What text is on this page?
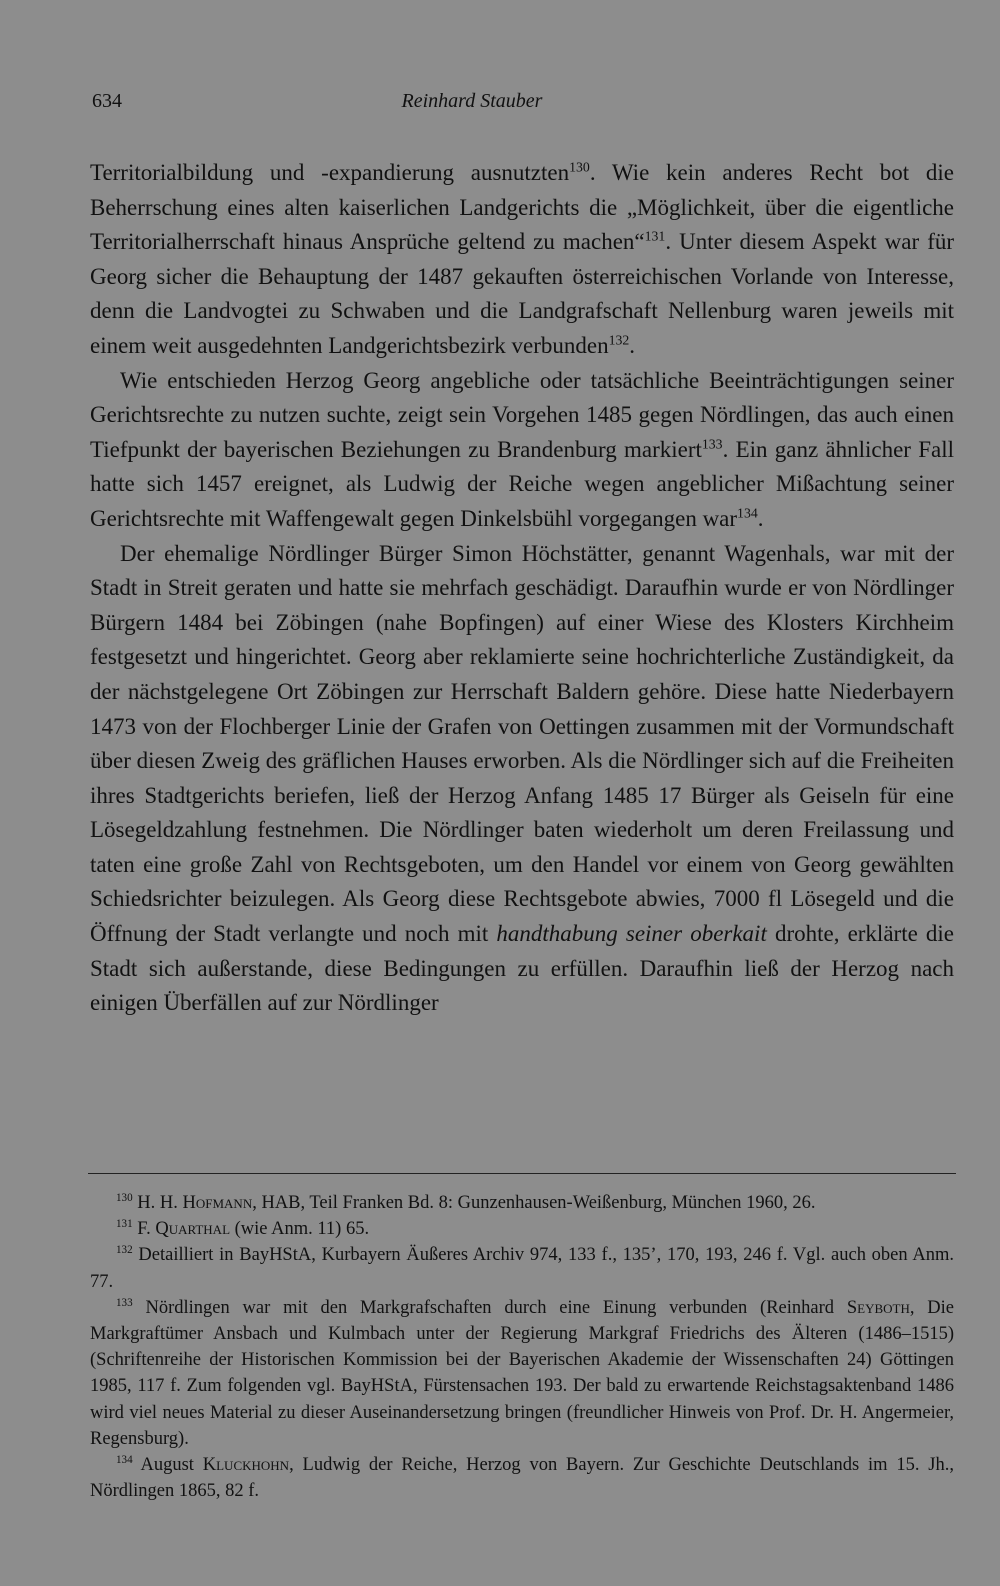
634	Reinhard Stauber

Territorialbildung und -expandierung ausnutzten$^{130}$. Wie kein anderes Recht bot die Beherrschung eines alten kaiserlichen Landgerichts die „Möglichkeit, über die eigentliche Territorialherrschaft hinaus Ansprüche geltend zu machen“$^{131}$. Unter diesem Aspekt war für Georg sicher die Behauptung der 1487 gekauften österreichischen Vorlande von Interesse, denn die Landvogtei zu Schwaben und die Landgrafschaft Nellenburg waren jeweils mit einem weit ausgedehnten Landgerichtsbezirk verbunden$^{132}$.

Wie entschieden Herzog Georg angebliche oder tatsächliche Beeinträchtigungen seiner Gerichtsrechte zu nutzen suchte, zeigt sein Vorgehen 1485 gegen Nördlingen, das auch einen Tiefpunkt der bayerischen Beziehungen zu Brandenburg markiert$^{133}$. Ein ganz ähnlicher Fall hatte sich 1457 ereignet, als Ludwig der Reiche wegen angeblicher Mißachtung seiner Gerichtsrechte mit Waffengewalt gegen Dinkelsbühl vorgegangen war$^{134}$.

Der ehemalige Nördlinger Bürger Simon Höchstätter, genannt Wagenhals, war mit der Stadt in Streit geraten und hatte sie mehrfach geschädigt. Daraufhin wurde er von Nördlinger Bürgern 1484 bei Zöbingen (nahe Bopfingen) auf einer Wiese des Klosters Kirchheim festgesetzt und hingerichtet. Georg aber reklamierte seine hochrichterliche Zuständigkeit, da der nächstgelegene Ort Zöbingen zur Herrschaft Baldern gehöre. Diese hatte Niederbayern 1473 von der Flochberger Linie der Grafen von Oettingen zusammen mit der Vormundschaft über diesen Zweig des gräflichen Hauses erworben. Als die Nördlinger sich auf die Freiheiten ihres Stadtgerichts beriefen, ließ der Herzog Anfang 1485 17 Bürger als Geiseln für eine Lösegeldzahlung festnehmen. Die Nördlinger baten wiederholt um deren Freilassung und taten eine große Zahl von Rechtsgeboten, um den Handel vor einem von Georg gewählten Schiedsrichter beizulegen. Als Georg diese Rechtsgebote abwies, 7000 fl Lösegeld und die Öffnung der Stadt verlangte und noch mit handthabung seiner oberkait drohte, erklärte die Stadt sich außerstande, diese Bedingungen zu erfüllen. Daraufhin ließ der Herzog nach einigen Überfällen auf zur Nördlinger

$^{130}$ H. H. Hofmann, HAB, Teil Franken Bd. 8: Gunzenhausen-Weißenburg, München 1960, 26.

$^{131}$ F. Quarthal (wie Anm. 11) 65.

$^{132}$ Detailliert in BayHStA, Kurbayern Äußeres Archiv 974, 133 f., 135’, 170, 193, 246 f. Vgl. auch oben Anm. 77.

$^{133}$ Nördlingen war mit den Markgrafschaften durch eine Einung verbunden (Reinhard Seyboth, Die Markgraftümer Ansbach und Kulmbach unter der Regierung Markgraf Friedrichs des Älteren (1486–1515) (Schriftenreihe der Historischen Kommission bei der Bayerischen Akademie der Wissenschaften 24) Göttingen 1985, 117 f. Zum folgenden vgl. BayHStA, Fürstensachen 193. Der bald zu erwartende Reichstagsaktenband 1486 wird viel neues Material zu dieser Auseinandersetzung bringen (freundlicher Hinweis von Prof. Dr. H. Angermeier, Regensburg).

$^{134}$ August Kluckhohn, Ludwig der Reiche, Herzog von Bayern. Zur Geschichte Deutschlands im 15. Jh., Nördlingen 1865, 82 f.
